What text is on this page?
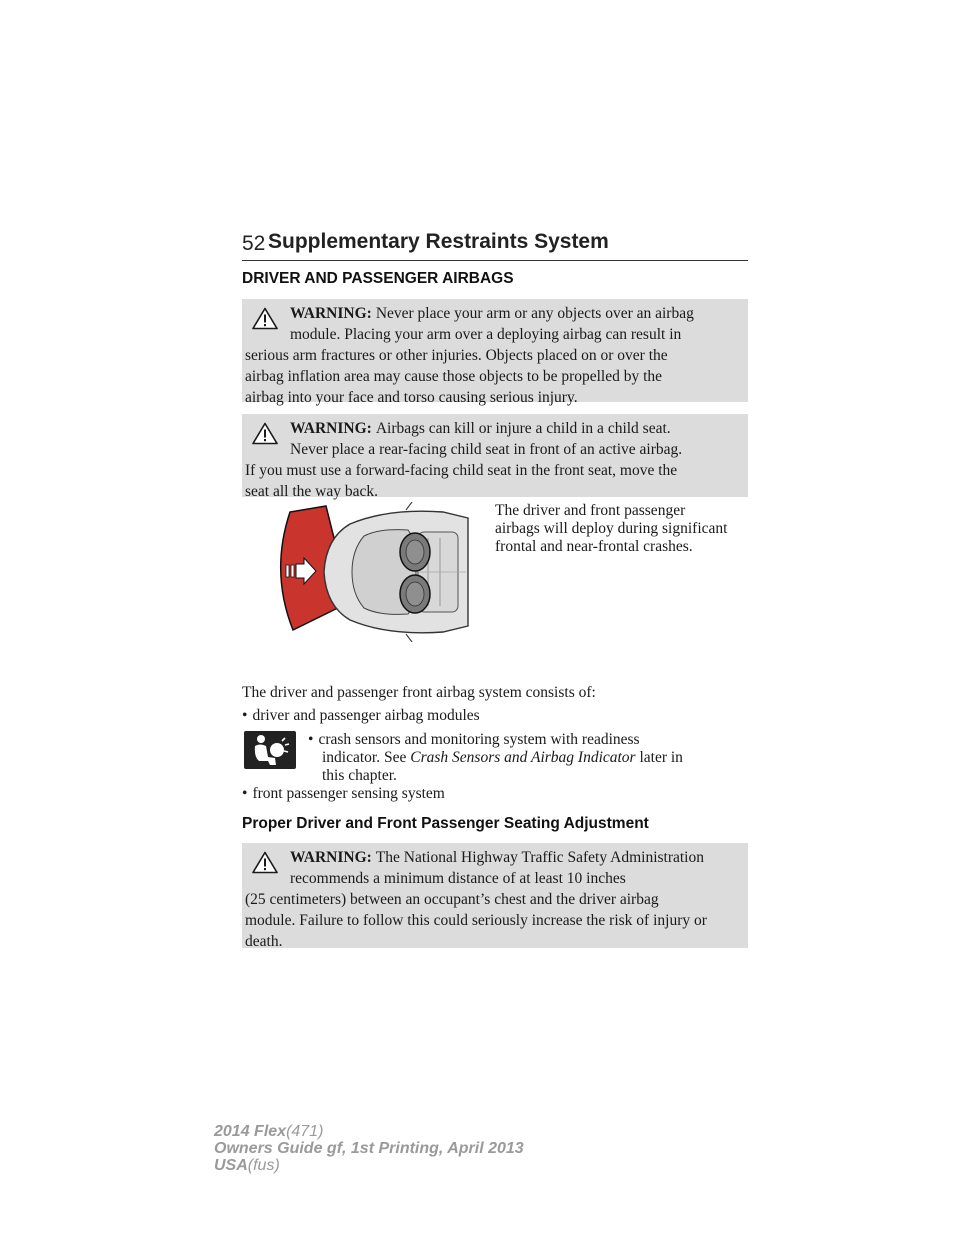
52 Supplementary Restraints System
DRIVER AND PASSENGER AIRBAGS
WARNING: Never place your arm or any objects over an airbag
module. Placing your arm over a deploying airbag can result in
serious arm fractures or other injuries. Objects placed on or over the
airbag inflation area may cause those objects to be propelled by the
airbag into your face and torso causing serious injury.
WARNING: Airbags can kill or injure a child in a child seat.
Never place a rear-facing child seat in front of an active airbag.
If you must use a forward-facing child seat in the front seat, move the
seat all the way back.
The driver and front passenger
airbags will deploy during significant
frontal and near-frontal crashes.
The driver and passenger front airbag system consists of:
• driver and passenger airbag modules
• crash sensors and monitoring system with readiness
indicator. See Crash Sensors and Airbag Indicator later in
this chapter.
• front passenger sensing system
Proper Driver and Front Passenger Seating Adjustment
WARNING: The National Highway Traffic Safety Administration
recommends a minimum distance of at least 10 inches
(25 centimeters) between an occupant’s chest and the driver airbag
module. Failure to follow this could seriously increase the risk of injury or
death.
2014 Flex(471)
Owners Guide gf, 1st Printing, April 2013
USA(fus)
